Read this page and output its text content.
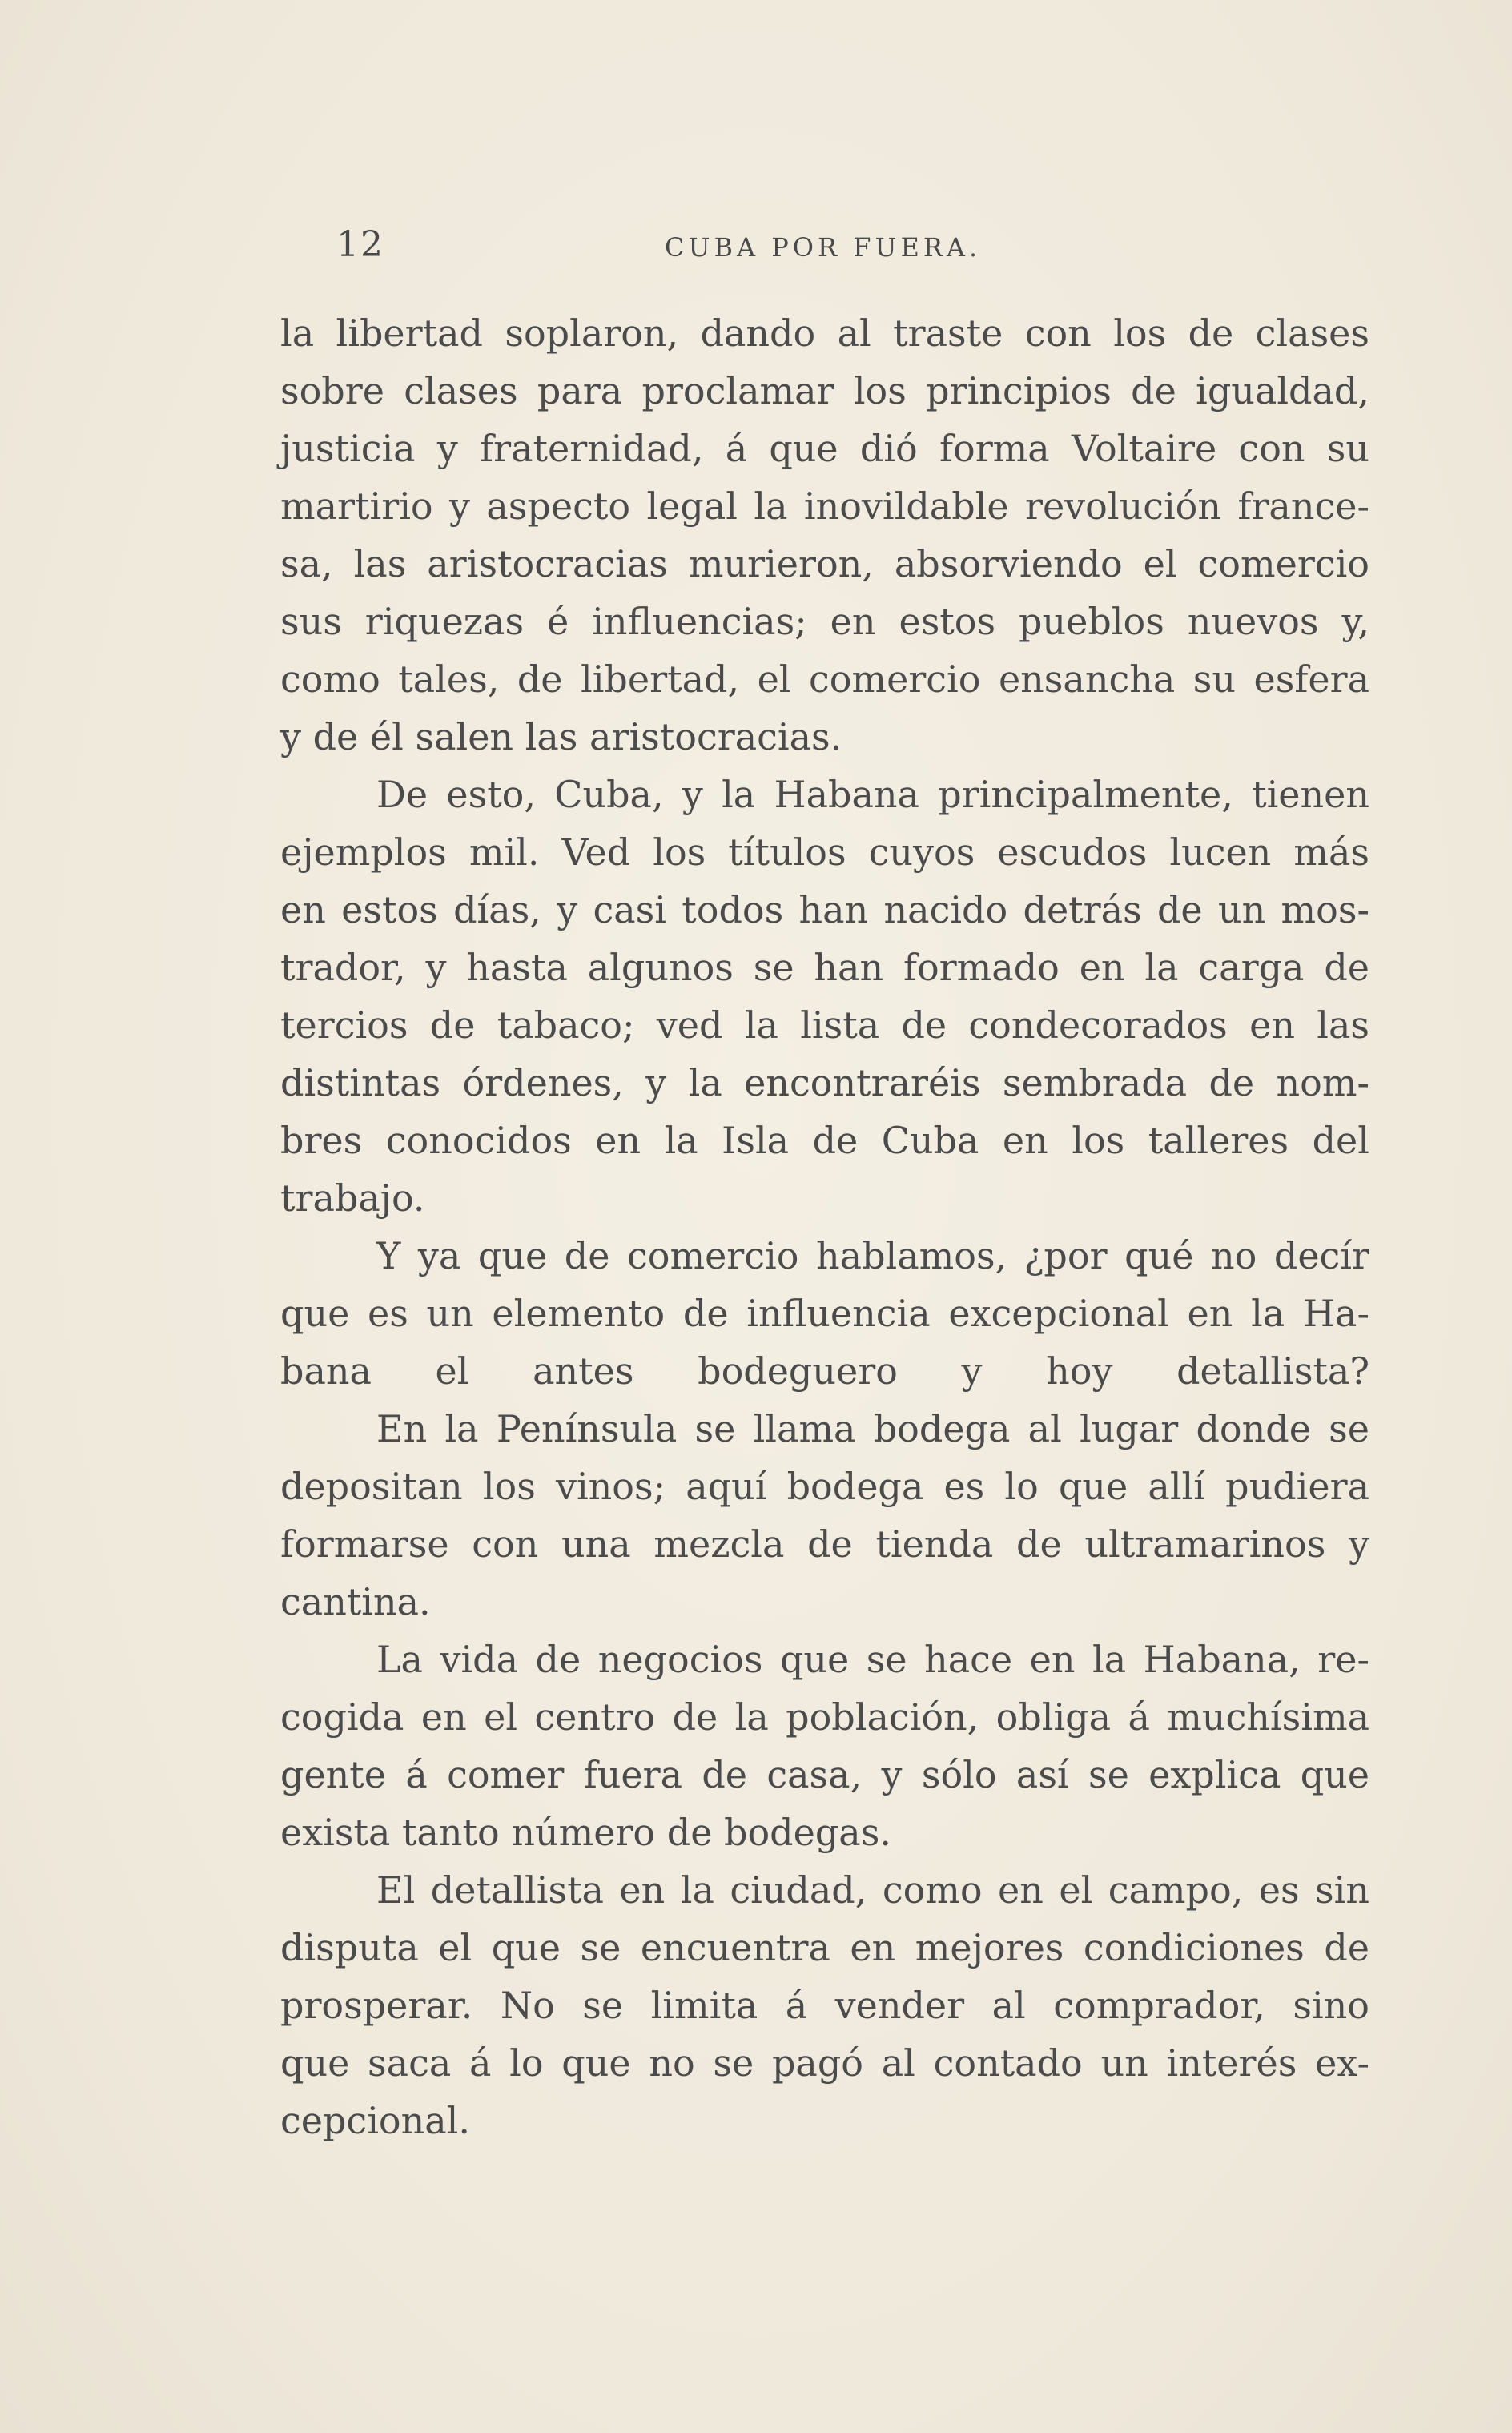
12	CUBA POR FUERA.
la libertad soplaron, dando al traste con los de clases
sobre clases para proclamar los principios de igualdad,
justicia y fraternidad, á que dió forma Voltaire con su
martirio y aspecto legal la inovildable revolución france-
sa, las aristocracias murieron, absorviendo el comercio
sus riquezas é influencias; en estos pueblos nuevos y,
como tales, de libertad, el comercio ensancha su esfera
y de él salen las aristocracias.
De esto, Cuba, y la Habana principalmente, tienen
ejemplos mil. Ved los títulos cuyos escudos lucen más
en estos días, y casi todos han nacido detrás de un mos-
trador, y hasta algunos se han formado en la carga de
tercios de tabaco; ved la lista de condecorados en las
distintas órdenes, y la encontraréis sembrada de nom-
bres conocidos en la Isla de Cuba en los talleres del
trabajo.
Y ya que de comercio hablamos, ¿por qué no decír
que es un elemento de influencia excepcional en la Ha-
bana el antes bodeguero y hoy detallista?
En la Península se llama bodega al lugar donde se
depositan los vinos; aquí bodega es lo que allí pudiera
formarse con una mezcla de tienda de ultramarinos y
cantina.
La vida de negocios que se hace en la Habana, re-
cogida en el centro de la población, obliga á muchísima
gente á comer fuera de casa, y sólo así se explica que
exista tanto número de bodegas.
El detallista en la ciudad, como en el campo, es sin
disputa el que se encuentra en mejores condiciones de
prosperar. No se limita á vender al comprador, sino
que saca á lo que no se pagó al contado un interés ex-
cepcional.
